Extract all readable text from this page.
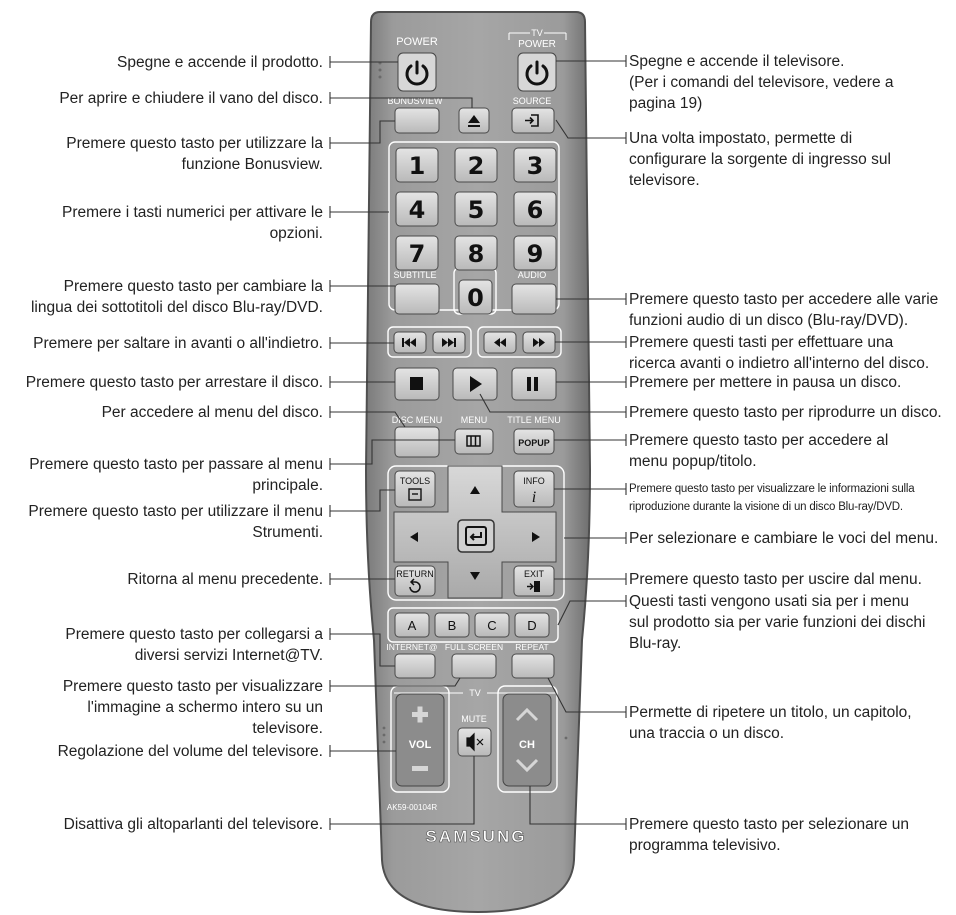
POWER
TV
POWER
BONUSVIEW	SOURCE
1 2 3
4 5 6
7 8 9
0
SUBTITLE	AUDIO
DISC MENU MENU TITLE MENU
POPUP
TOOLS	INFO
i
RETURN	EXIT
A B C D
INTERNET@ FULL SCREEN REPEAT
TV
VOL
MUTE
CH
AK59-00104R
SAMSUNG
Spegne e accende il prodotto.
Per aprire e chiudere il vano del disco.
Premere questo tasto per utilizzare la
funzione Bonusview.
Premere i tasti numerici per attivare le
opzioni.
Premere questo tasto per cambiare la
lingua dei sottotitoli del disco Blu-ray/DVD.
Premere per saltare in avanti o all'indietro.
Premere questo tasto per arrestare il disco.
Per accedere al menu del disco.
Premere questo tasto per passare al menu
principale.
Premere questo tasto per utilizzare il menu
Strumenti.
Ritorna al menu precedente.
Premere questo tasto per collegarsi a
diversi servizi Internet@TV.
Premere questo tasto per visualizzare
l'immagine a schermo intero su un
televisore.
Regolazione del volume del televisore.
Disattiva gli altoparlanti del televisore.
Spegne e accende il televisore.
(Per i comandi del televisore, vedere a
pagina 19)
Una volta impostato, permette di
configurare la sorgente di ingresso sul
televisore.
Premere questo tasto per accedere alle varie
funzioni audio di un disco (Blu-ray/DVD).
Premere questi tasti per effettuare una
ricerca avanti o indietro all'interno del disco.
Premere per mettere in pausa un disco.
Premere questo tasto per riprodurre un disco.
Premere questo tasto per accedere al
menu popup/titolo.
Premere questo tasto per visualizzare le informazioni sulla
riproduzione durante la visione di un disco Blu-ray/DVD.
Per selezionare e cambiare le voci del menu.
Premere questo tasto per uscire dal menu.
Questi tasti vengono usati sia per i menu
sul prodotto sia per varie funzioni dei dischi
Blu-ray.
Permette di ripetere un titolo, un capitolo,
una traccia o un disco.
Premere questo tasto per selezionare un
programma televisivo.
